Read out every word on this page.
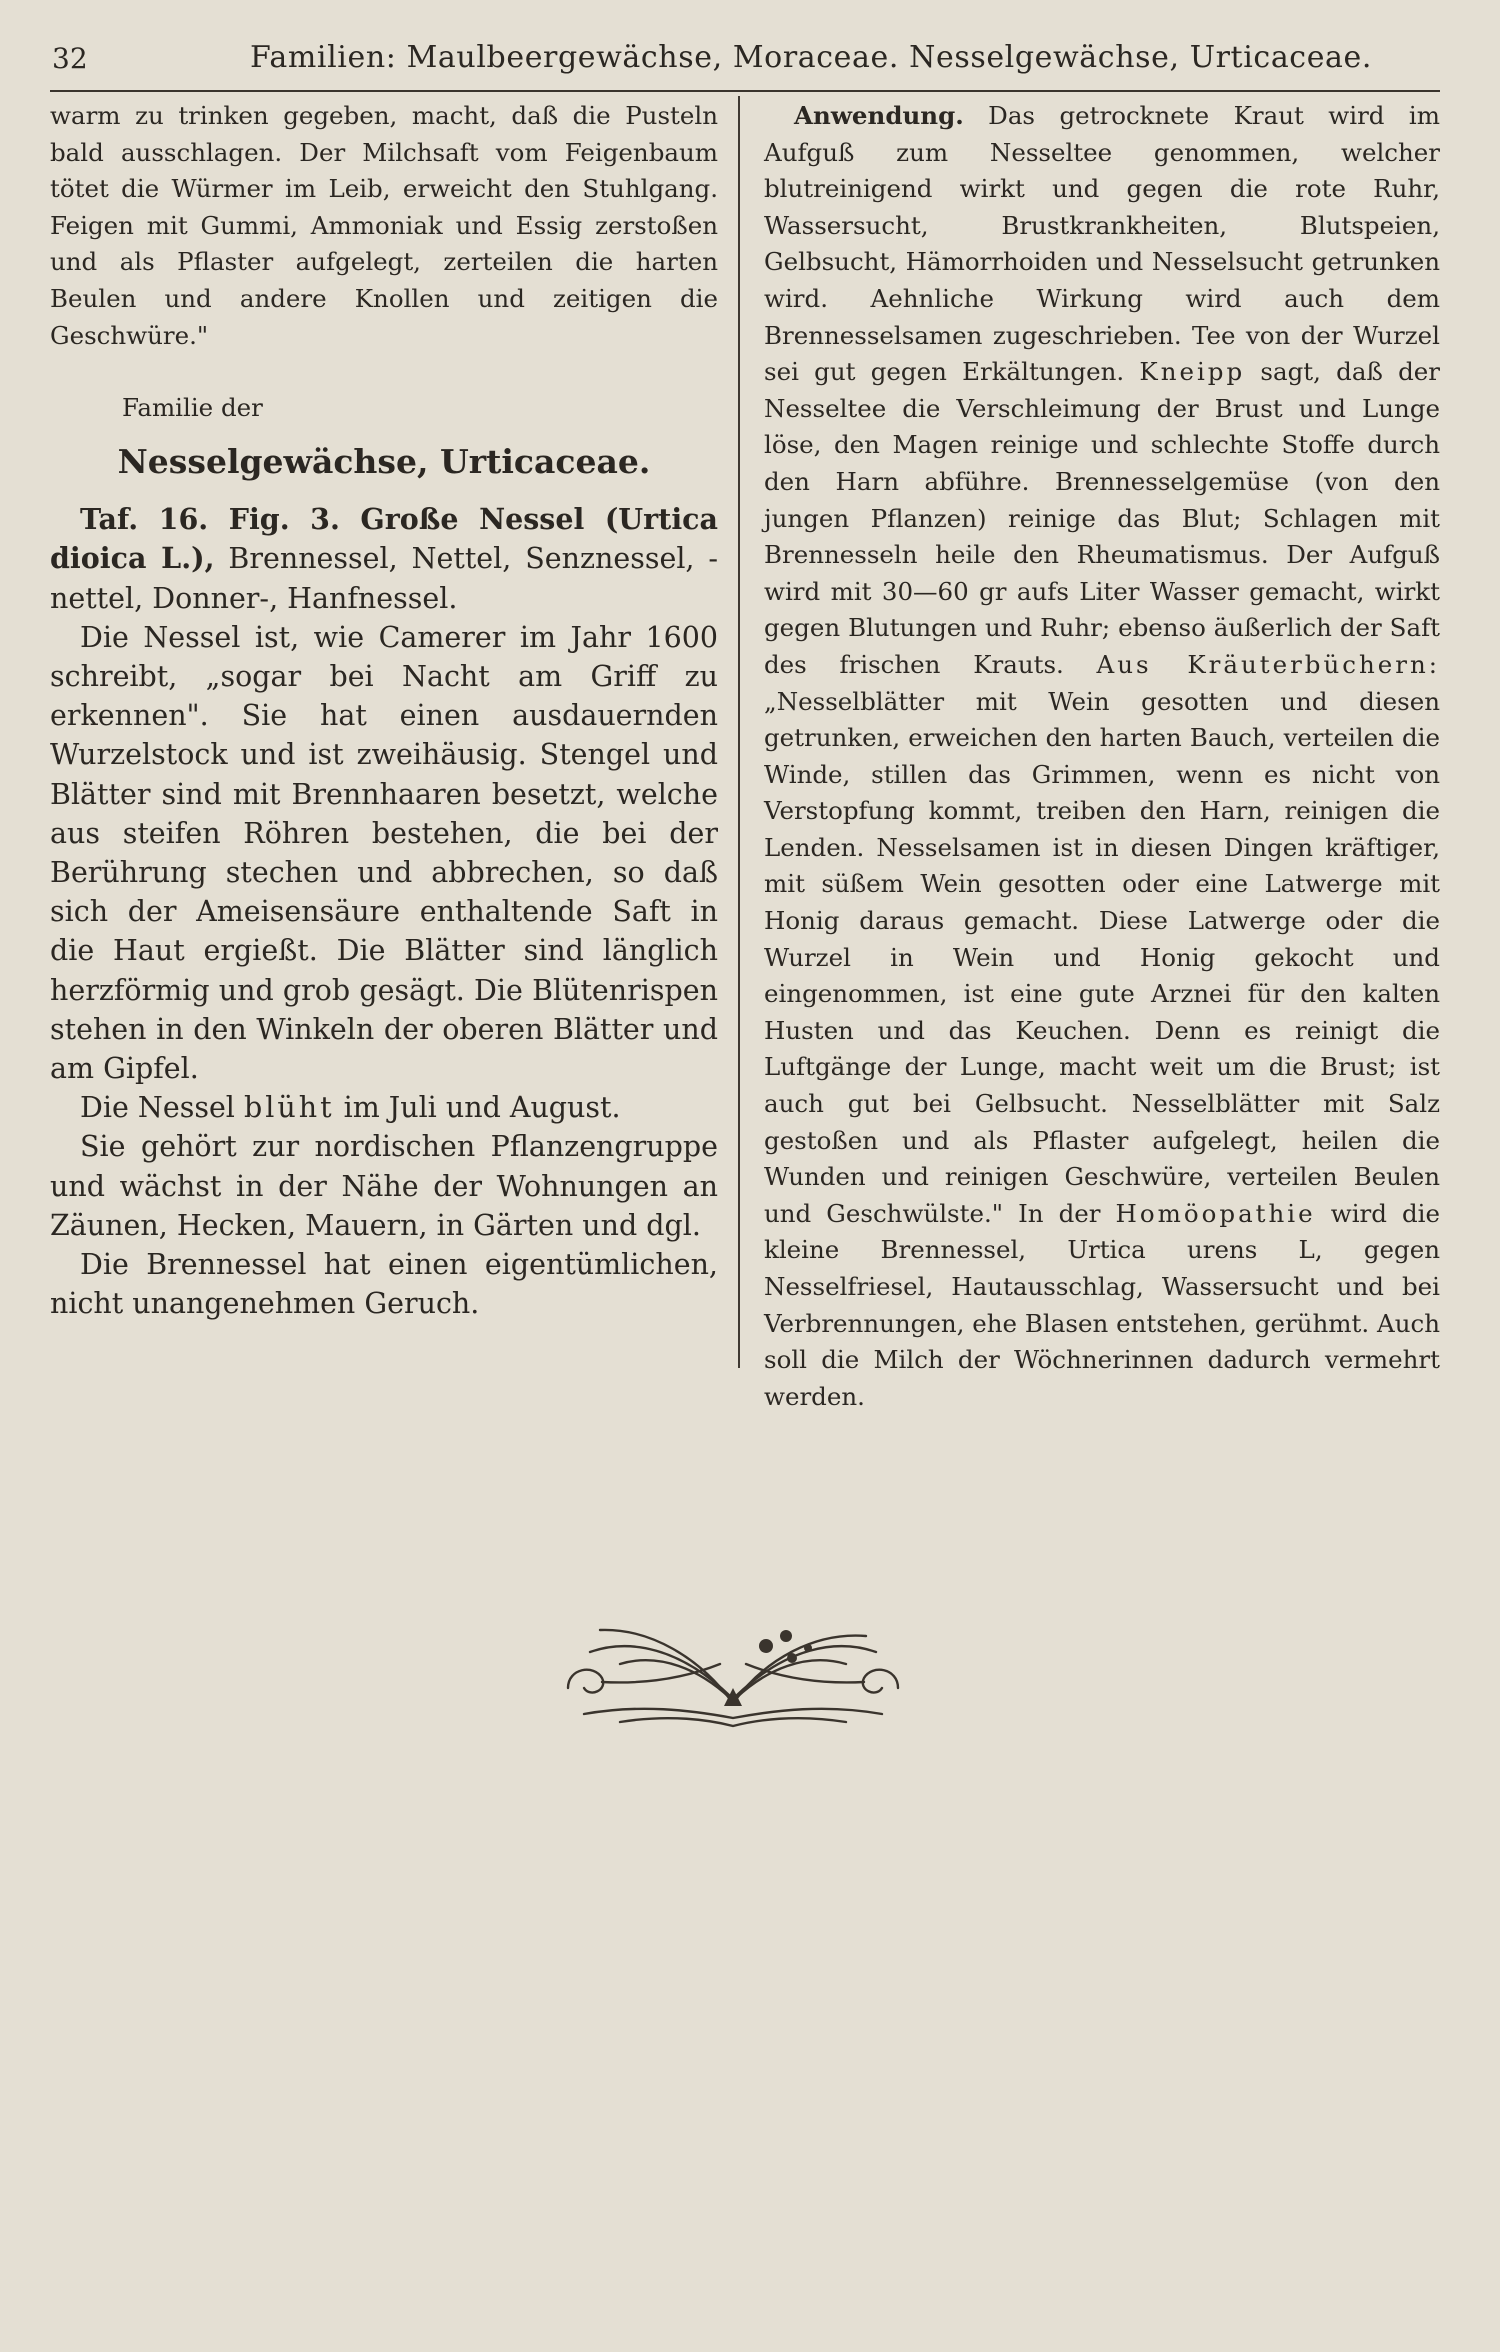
32	Familien: Maulbeergewächse, Moraceae. Nesselgewächse, Urticaceae.

warm zu trinken gegeben, macht, daß die Pusteln bald ausschlagen. Der Milchsaft vom Feigenbaum tötet die Würmer im Leib, erweicht den Stuhlgang. Feigen mit Gummi, Ammoniak und Essig zerstoßen und als Pflaster aufgelegt, zerteilen die harten Beulen und andere Knollen und zeitigen die Geschwüre."

Familie der
Nesselgewächse, Urticaceae.

Taf. 16. Fig. 3. Große Nessel (Urtica dioica L.), Brennessel, Nettel, Senznessel, -nettel, Donner-, Hanfnessel.

Die Nessel ist, wie Camerer im Jahr 1600 schreibt, „sogar bei Nacht am Griff zu erkennen". Sie hat einen ausdauernden Wurzelstock und ist zweihäusig. Stengel und Blätter sind mit Brennhaaren besetzt, welche aus steifen Röhren bestehen, die bei der Berührung stechen und abbrechen, so daß sich der Ameisensäure enthaltende Saft in die Haut ergießt. Die Blätter sind länglich herzförmig und grob gesägt. Die Blütenrispen stehen in den Winkeln der oberen Blätter und am Gipfel.

Die Nessel blüht im Juli und August.

Sie gehört zur nordischen Pflanzengruppe und wächst in der Nähe der Wohnungen an Zäunen, Hecken, Mauern, in Gärten und dgl.

Die Brennessel hat einen eigentümlichen, nicht unangenehmen Geruch.

Anwendung. Das getrocknete Kraut wird im Aufguß zum Nesseltee genommen, welcher blutreinigend wirkt und gegen die rote Ruhr, Wassersucht, Brustkrankheiten, Blutspeien, Gelbsucht, Hämorrhoiden und Nesselsucht getrunken wird. Aehnliche Wirkung wird auch dem Brennesselsamen zugeschrieben. Tee von der Wurzel sei gut gegen Erkältungen. Kneipp sagt, daß der Nesseltee die Verschleimung der Brust und Lunge löse, den Magen reinige und schlechte Stoffe durch den Harn abführe. Brennesselgemüse (von den jungen Pflanzen) reinige das Blut; Schlagen mit Brennesseln heile den Rheumatismus. Der Aufguß wird mit 30—60 gr aufs Liter Wasser gemacht, wirkt gegen Blutungen und Ruhr; ebenso äußerlich der Saft des frischen Krauts. Aus Kräuterbüchern: „Nesselblätter mit Wein gesotten und diesen getrunken, erweichen den harten Bauch, verteilen die Winde, stillen das Grimmen, wenn es nicht von Verstopfung kommt, treiben den Harn, reinigen die Lenden. Nesselsamen ist in diesen Dingen kräftiger, mit süßem Wein gesotten oder eine Latwerge mit Honig daraus gemacht. Diese Latwerge oder die Wurzel in Wein und Honig gekocht und eingenommen, ist eine gute Arznei für den kalten Husten und das Keuchen. Denn es reinigt die Luftgänge der Lunge, macht weit um die Brust; ist auch gut bei Gelbsucht. Nesselblätter mit Salz gestoßen und als Pflaster aufgelegt, heilen die Wunden und reinigen Geschwüre, verteilen Beulen und Geschwülste." In der Homöopathie wird die kleine Brennessel, Urtica urens L, gegen Nesselfriesel, Hautausschlag, Wassersucht und bei Verbrennungen, ehe Blasen entstehen, gerühmt. Auch soll die Milch der Wöchnerinnen dadurch vermehrt werden.
